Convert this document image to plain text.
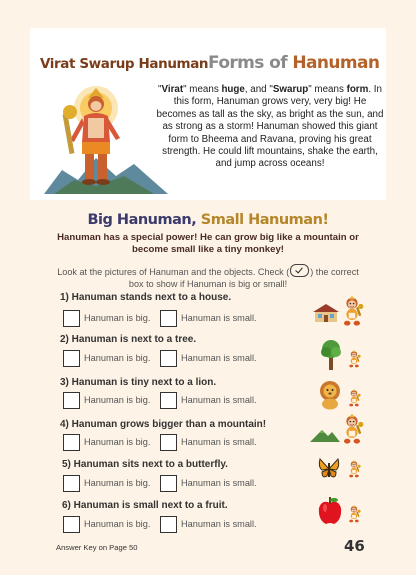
Virat Swarup Hanuman Forms of Hanuman
"Virat" means huge, and "Swarup" means form. In this form, Hanuman grows very, very big! He becomes as tall as the sky, as bright as the sun, and as strong as a storm! Hanuman showed this giant form to Bheema and Ravana, proving his great strength. He could lift mountains, shake the earth, and jump across oceans!
Big Hanuman, Small Hanuman!
Hanuman has a special power! He can grow big like a mountain or become small like a tiny monkey!
Look at the pictures of Hanuman and the objects. Check ( ) the correct box to show if Hanuman is big or small!
1) Hanuman stands next to a house.
Hanuman is big.	Hanuman is small.
2) Hanuman is next to a tree.
Hanuman is big.	Hanuman is small.
3) Hanuman is tiny next to a lion.
Hanuman is big.	Hanuman is small.
4) Hanuman grows bigger than a mountain!
Hanuman is big.	Hanuman is small.
5) Hanuman sits next to a butterfly.
Hanuman is big.	Hanuman is small.
6) Hanuman is small next to a fruit.
Hanuman is big.	Hanuman is small.
Answer Key on Page 50	46
